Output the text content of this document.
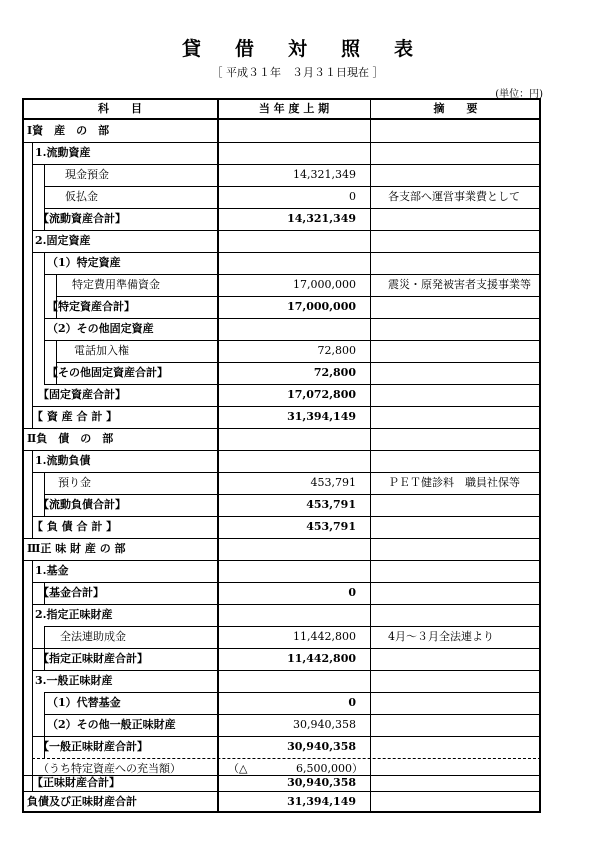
貸借対照表
［ 平成３１年　３月３１日現在 ］
(単位：円)
科　　目	当 年 度 上 期	摘　　要
Ⅰ資　産　の　部
1.流動資産
現金預金	14,321,349
仮払金	0	各支部へ運営事業費として
【流動資産合計】	14,321,349
2.固定資産
（1）特定資産
特定費用準備資金	17,000,000	震災・原発被害者支援事業等
【特定資産合計】	17,000,000
（2）その他固定資産
電話加入権	72,800
【その他固定資産合計】	72,800
【固定資産合計】	17,072,800
【 資 産 合 計 】	31,394,149
Ⅱ負　債　の　部
1.流動負債
預り金	453,791	ＰＥＴ健診料　職員社保等
【流動負債合計】	453,791
【 負 債 合 計 】	453,791
Ⅲ正 味 財 産 の 部
1.基金
【基金合計】	0
2.指定正味財産
全法連助成金	11,442,800	4月～３月全法連より
【指定正味財産合計】	11,442,800
3.一般正味財産
（1）代替基金	0
（2）その他一般正味財産	30,940,358
【一般正味財産合計】	30,940,358
（うち特定資産への充当額）	（△	6,500,000）
【正味財産合計】	30,940,358
負債及び正味財産合計	31,394,149
